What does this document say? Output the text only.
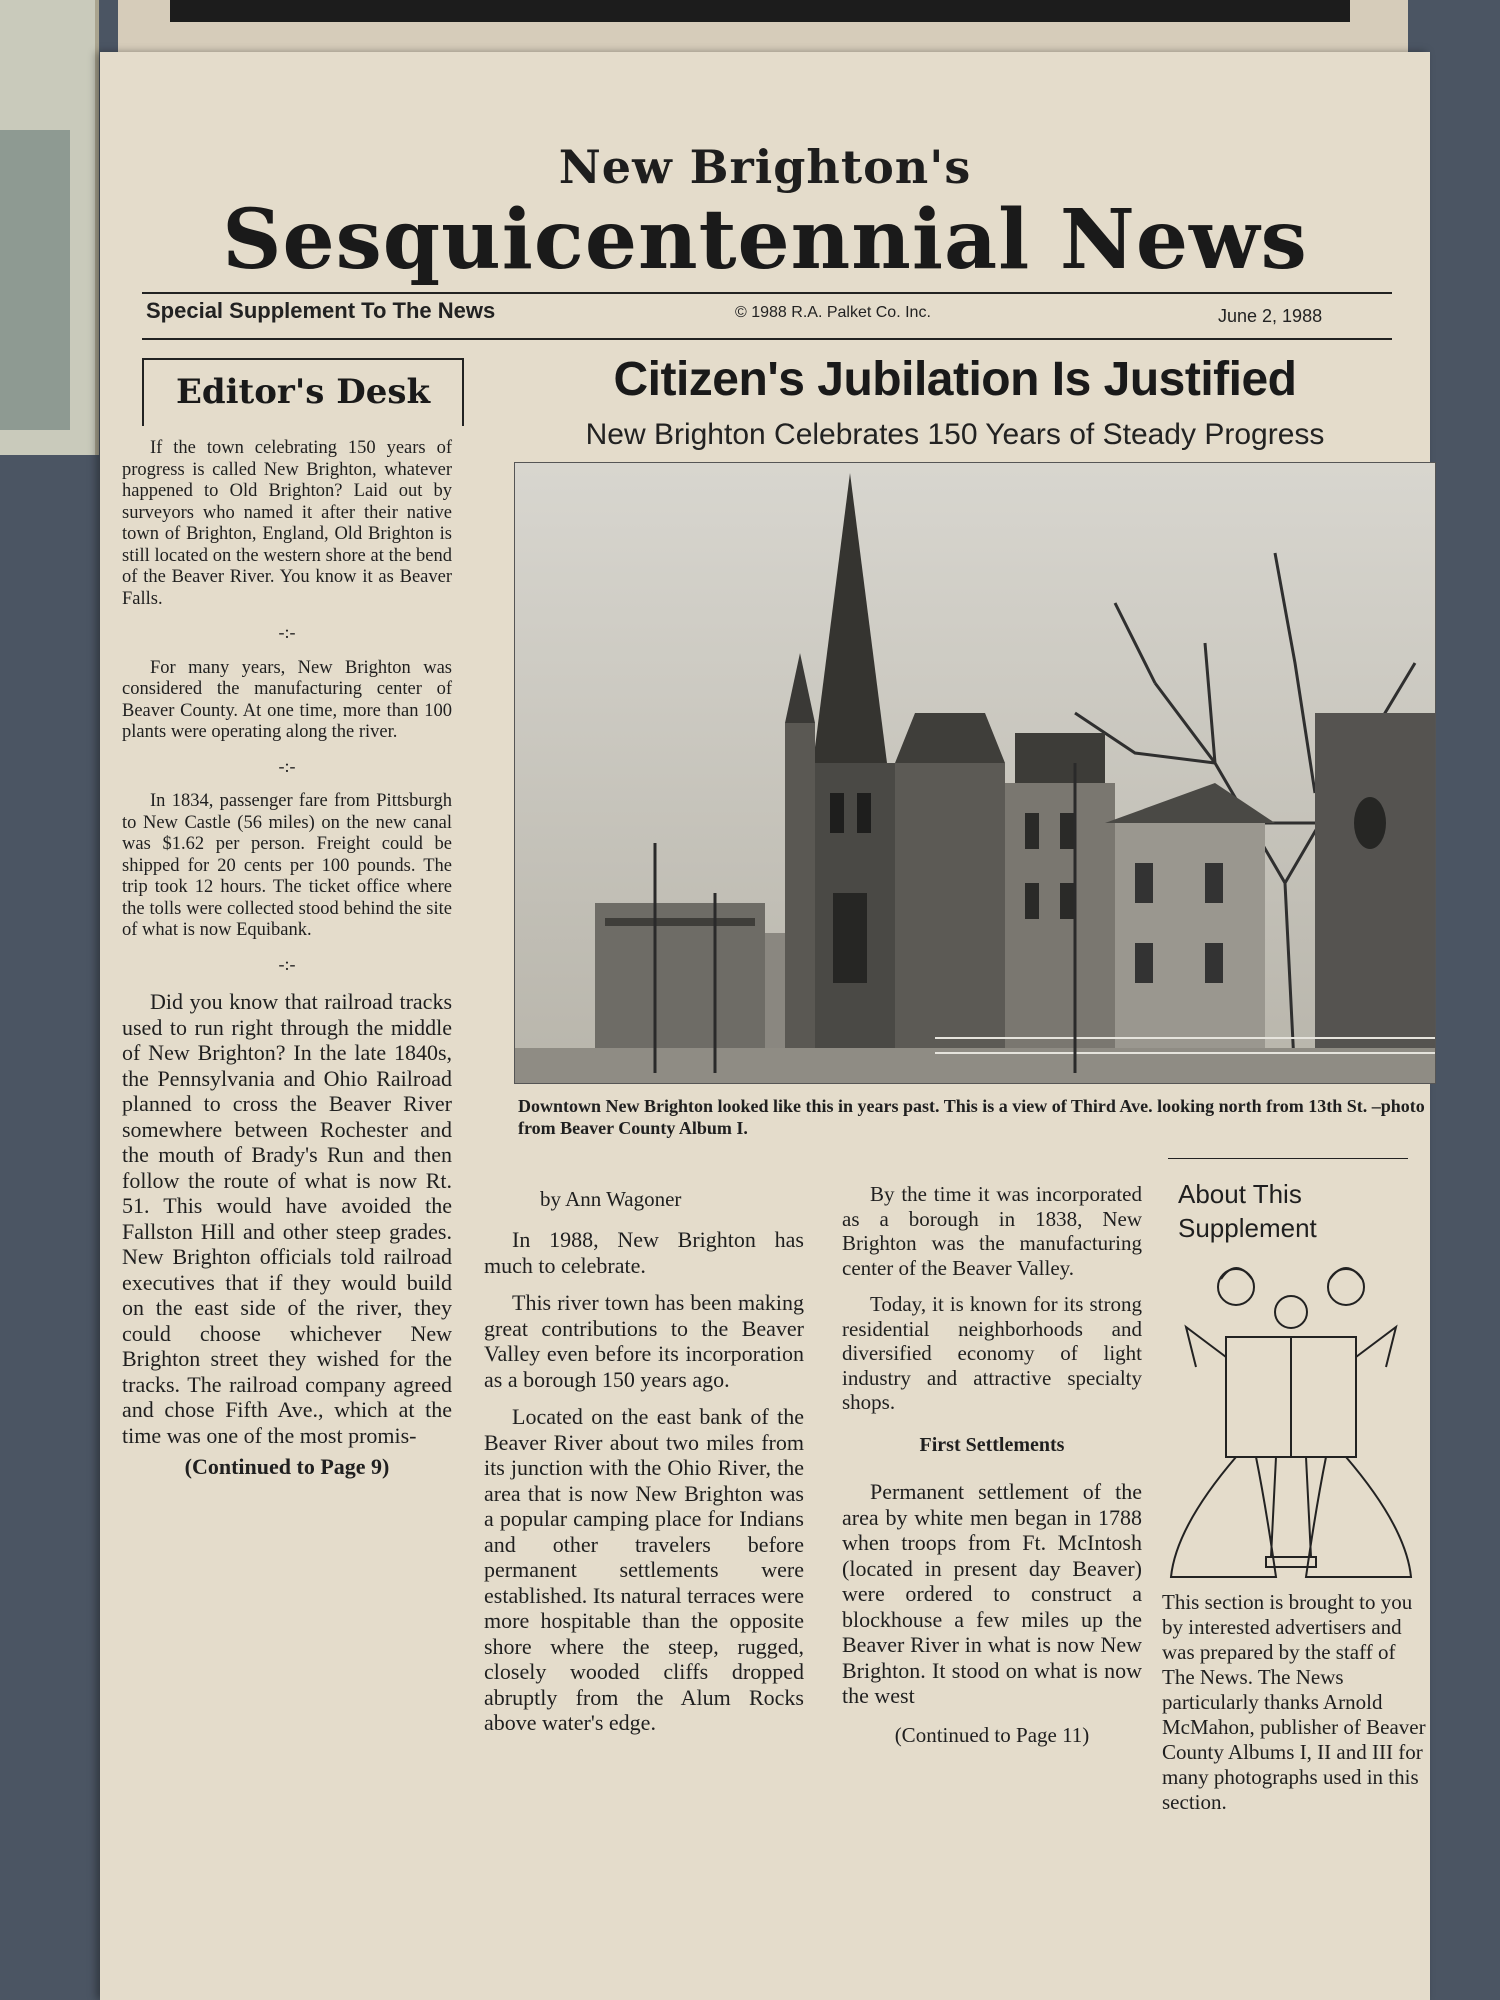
New Brighton's
Sesquicentennial News
Special Supplement To The News	© 1988 R.A. Palket Co. Inc.	June 2, 1988
Editor's Desk

If the town celebrating 150 years of progress is called New Brighton, whatever happened to Old Brighton? Laid out by surveyors who named it after their native town of Brighton, England, Old Brighton is still located on the western shore at the bend of the Beaver River. You know it as Beaver Falls.

-:-

For many years, New Brighton was considered the manufacturing center of Beaver County. At one time, more than 100 plants were operating along the river.

-:-

In 1834, passenger fare from Pittsburgh to New Castle (56 miles) on the new canal was $1.62 per person. Freight could be shipped for 20 cents per 100 pounds. The trip took 12 hours. The ticket office where the tolls were collected stood behind the site of what is now Equibank.

-:-

Did you know that railroad tracks used to run right through the middle of New Brighton? In the late 1840s, the Pennsylvania and Ohio Railroad planned to cross the Beaver River somewhere between Rochester and the mouth of Brady's Run and then follow the route of what is now Rt. 51. This would have avoided the Fallston Hill and other steep grades. New Brighton officials told railroad executives that if they would build on the east side of the river, they could choose whichever New Brighton street they wished for the tracks. The railroad company agreed and chose Fifth Ave., which at the time was one of the most promis-

(Continued to Page 9)
Citizen's Jubilation Is Justified
New Brighton Celebrates 150 Years of Steady Progress
Downtown New Brighton looked like this in years past. This is a view of Third Ave. looking north from 13th St. –photo from Beaver County Album I.
by Ann Wagoner

In 1988, New Brighton has much to celebrate.

This river town has been making great contributions to the Beaver Valley even before its incorporation as a borough 150 years ago.

Located on the east bank of the Beaver River about two miles from its junction with the Ohio River, the area that is now New Brighton was a popular camping place for Indians and other travelers before permanent settlements were established. Its natural terraces were more hospitable than the opposite shore where the steep, rugged, closely wooded cliffs dropped abruptly from the Alum Rocks above water's edge.

By the time it was incorporated as a borough in 1838, New Brighton was the manufacturing center of the Beaver Valley.

Today, it is known for its strong residential neighborhoods and diversified economy of light industry and attractive specialty shops.

First Settlements

Permanent settlement of the area by white men began in 1788 when troops from Ft. McIntosh (located in present day Beaver) were ordered to construct a blockhouse a few miles up the Beaver River in what is now New Brighton. It stood on what is now the west

(Continued to Page 11)
About This
Supplement
This section is brought to you by interested advertisers and was prepared by the staff of The News. The News particularly thanks Arnold McMahon, publisher of Beaver County Albums I, II and III for many photographs used in this section.
